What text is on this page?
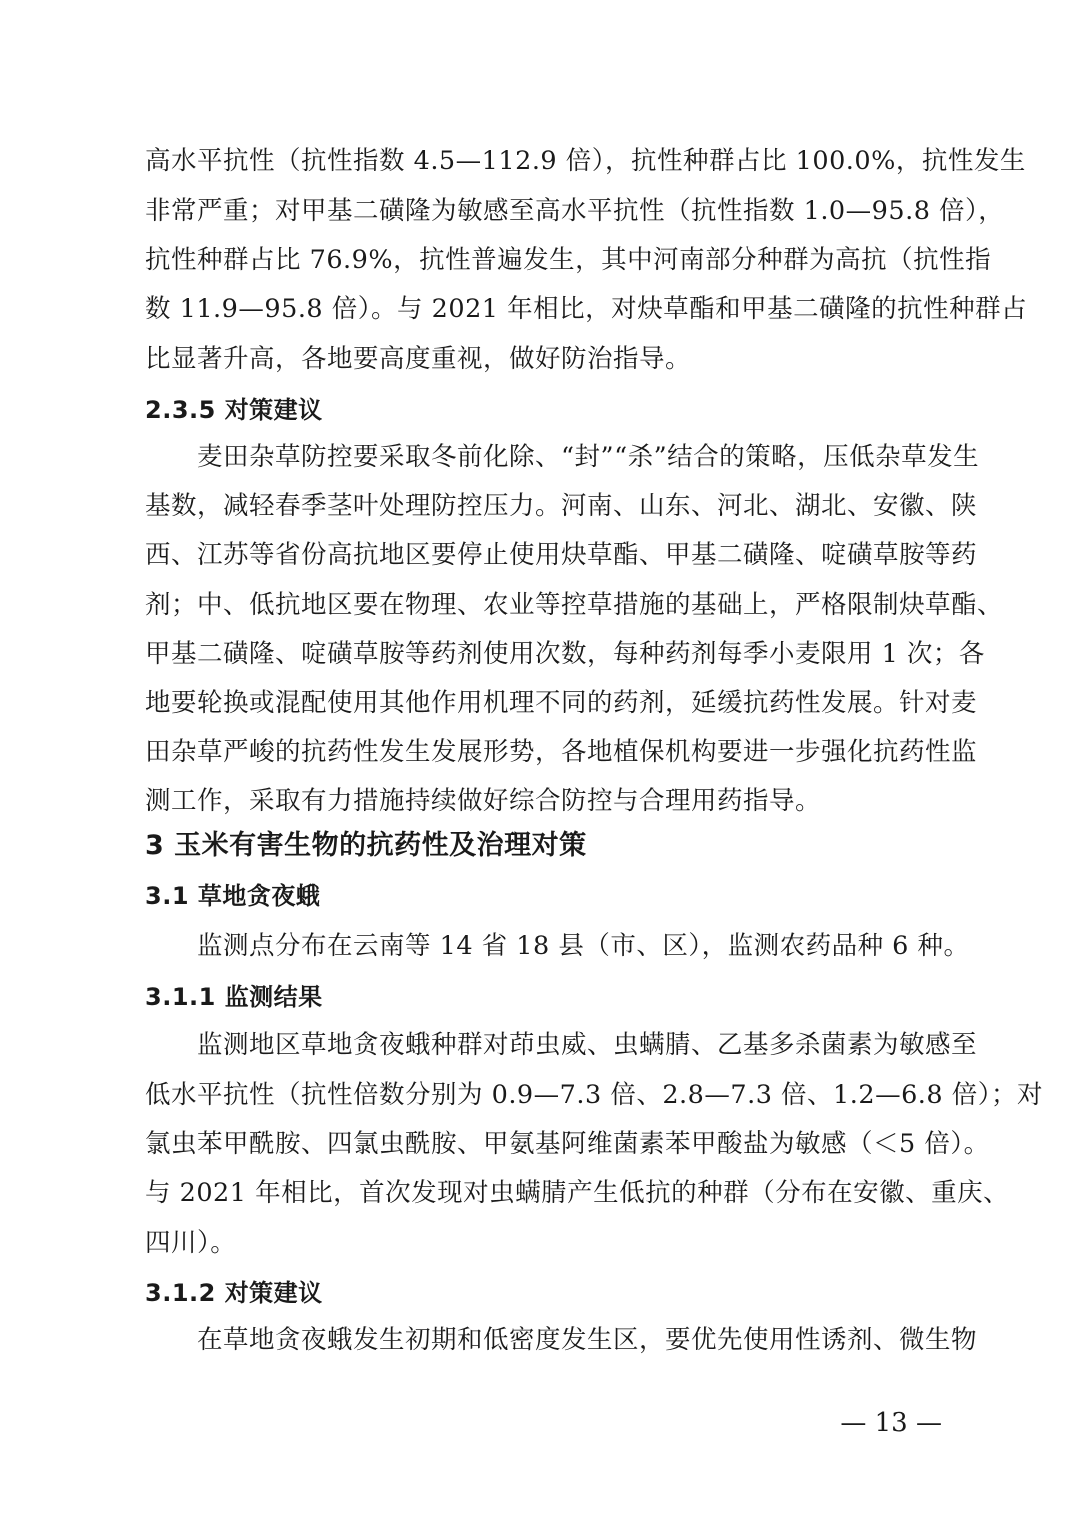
高水平抗性（抗性指数 4.5—112.9 倍），抗性种群占比 100.0%，抗性发生
非常严重；对甲基二磺隆为敏感至高水平抗性（抗性指数 1.0—95.8 倍），
抗性种群占比 76.9%，抗性普遍发生，其中河南部分种群为高抗（抗性指
数 11.9—95.8 倍）。与 2021 年相比，对炔草酯和甲基二磺隆的抗性种群占
比显著升高，各地要高度重视，做好防治指导。
2.3.5 对策建议
麦田杂草防控要采取冬前化除、“封”“杀”结合的策略，压低杂草发生
基数，减轻春季茎叶处理防控压力。河南、山东、河北、湖北、安徽、陕
西、江苏等省份高抗地区要停止使用炔草酯、甲基二磺隆、啶磺草胺等药
剂；中、低抗地区要在物理、农业等控草措施的基础上，严格限制炔草酯、
甲基二磺隆、啶磺草胺等药剂使用次数，每种药剂每季小麦限用 1 次；各
地要轮换或混配使用其他作用机理不同的药剂，延缓抗药性发展。针对麦
田杂草严峻的抗药性发生发展形势，各地植保机构要进一步强化抗药性监
测工作，采取有力措施持续做好综合防控与合理用药指导。
3 玉米有害生物的抗药性及治理对策
3.1 草地贪夜蛾
监测点分布在云南等 14 省 18 县（市、区），监测农药品种 6 种。
3.1.1 监测结果
监测地区草地贪夜蛾种群对茚虫威、虫螨腈、乙基多杀菌素为敏感至
低水平抗性（抗性倍数分别为 0.9—7.3 倍、2.8—7.3 倍、1.2—6.8 倍）；对
氯虫苯甲酰胺、四氯虫酰胺、甲氨基阿维菌素苯甲酸盐为敏感（＜5 倍）。
与 2021 年相比，首次发现对虫螨腈产生低抗的种群（分布在安徽、重庆、
四川）。
3.1.2 对策建议
在草地贪夜蛾发生初期和低密度发生区，要优先使用性诱剂、微生物
— 13 —
